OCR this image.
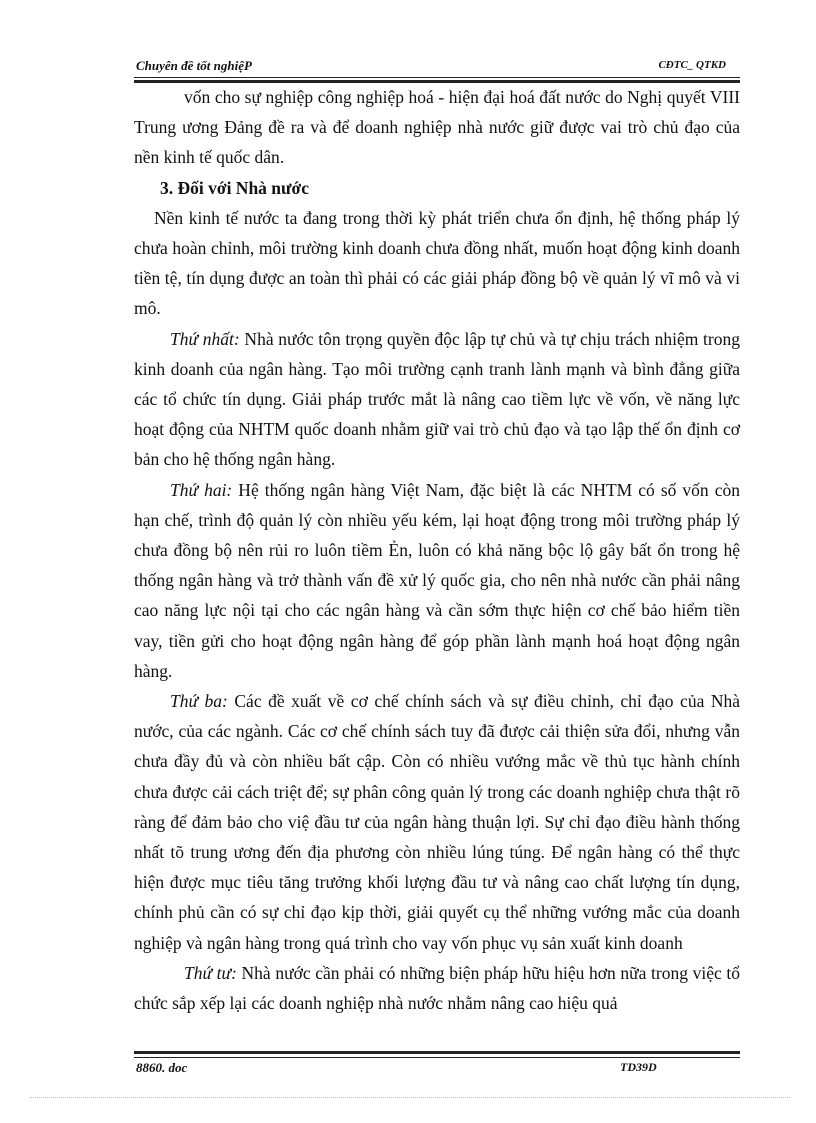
Chuyên đề tốt nghiệP	CĐTC_ QTKD

vốn cho sự nghiệp công nghiệp hoá - hiện đại hoá đất nước do Nghị quyết VIII Trung ương Đảng đề ra và để doanh nghiệp nhà nước giữ được vai trò chủ đạo của nền kinh tế quốc dân.

3. Đối với Nhà nước

Nền kinh tế nước ta đang trong thời kỳ phát triển chưa ổn định, hệ thống pháp lý chưa hoàn chỉnh, môi trường kinh doanh chưa đồng nhất, muốn hoạt động kinh doanh tiền tệ, tín dụng được an toàn thì phải có các giải pháp đồng bộ về quản lý vĩ mô và vi mô.

Thứ nhất: Nhà nước tôn trọng quyền độc lập tự chủ và tự chịu trách nhiệm trong kinh doanh của ngân hàng. Tạo môi trường cạnh tranh lành mạnh và bình đẳng giữa các tổ chức tín dụng. Giải pháp trước mắt là nâng cao tiềm lực về vốn, về năng lực hoạt động của NHTM quốc doanh nhằm giữ vai trò chủ đạo và tạo lập thế ổn định cơ bản cho hệ thống ngân hàng.

Thứ hai: Hệ thống ngân hàng Việt Nam, đặc biệt là các NHTM có số vốn còn hạn chế, trình độ quản lý còn nhiều yếu kém, lại hoạt động trong môi trường pháp lý chưa đồng bộ nên rủi ro luôn tiềm Ẻn, luôn có khả năng bộc lộ gây bất ổn trong hệ thống ngân hàng và trở thành vấn đề xử lý quốc gia, cho nên nhà nước cần phải nâng cao năng lực nội tại cho các ngân hàng và cần sớm thực hiện cơ chế bảo hiểm tiền vay, tiền gửi cho hoạt động ngân hàng để góp phần lành mạnh hoá hoạt động ngân hàng.

Thứ ba: Các đề xuất về cơ chế chính sách và sự điều chỉnh, chỉ đạo của Nhà nước, của các ngành. Các cơ chế chính sách tuy đã được cải thiện sửa đổi, nhưng vẫn chưa đầy đủ và còn nhiều bất cập. Còn có nhiều vướng mắc về thủ tục hành chính chưa được cải cách triệt để; sự phân công quản lý trong các doanh nghiệp chưa thật rõ ràng để đảm bảo cho việ đầu tư của ngân hàng thuận lợi. Sự chỉ đạo điều hành thống nhất tõ trung ương đến địa phương còn nhiều lúng túng. Để ngân hàng có thể thực hiện được mục tiêu tăng trưởng khối lượng đầu tư và nâng cao chất lượng tín dụng, chính phủ cần có sự chỉ đạo kịp thời, giải quyết cụ thể những vướng mắc của doanh nghiệp và ngân hàng trong quá trình cho vay vốn phục vụ sản xuất kinh doanh

Thứ tư: Nhà nước cần phải có những biện pháp hữu hiệu hơn nữa trong việc tổ chức sắp xếp lại các doanh nghiệp nhà nước nhằm nâng cao hiệu quả

8860. doc	TD39D
